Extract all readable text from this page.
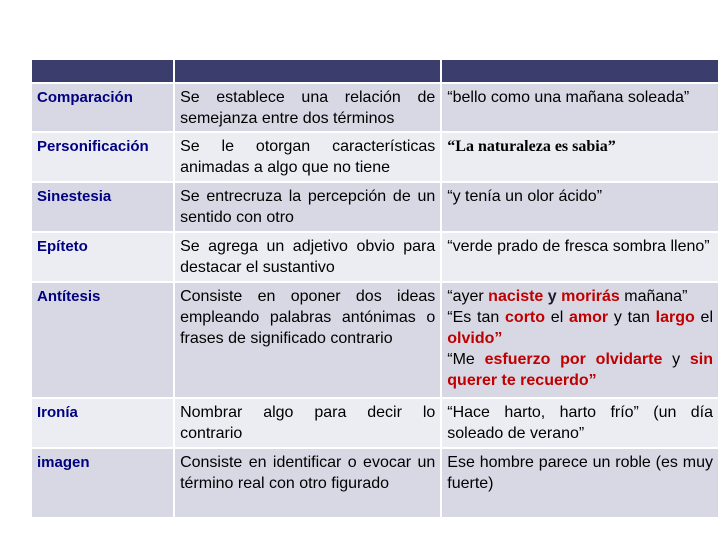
Comparación	Se establece una relación de semejanza entre dos términos	“bello como una mañana soleada”
Personificación	Se le otorgan características animadas a algo que no tiene	“La naturaleza es sabia”
Sinestesia	Se entrecruza la percepción de un sentido con otro	“y tenía un olor ácido”
Epíteto	Se agrega un adjetivo obvio para destacar el sustantivo	“verde prado de fresca sombra lleno”
Antítesis	Consiste en oponer dos ideas empleando palabras antónimas o frases de significado contrario	“ayer naciste y morirás mañana”
“Es tan corto el amor y tan largo el olvido”
“Me esfuerzo por olvidarte y sin querer te recuerdo”

Ironía	Nombrar algo para decir lo contrario	“Hace harto, harto frío” (un día soleado de verano”
imagen	Consiste en identificar o evocar un término real con otro figurado	Ese hombre parece un roble (es muy fuerte)
